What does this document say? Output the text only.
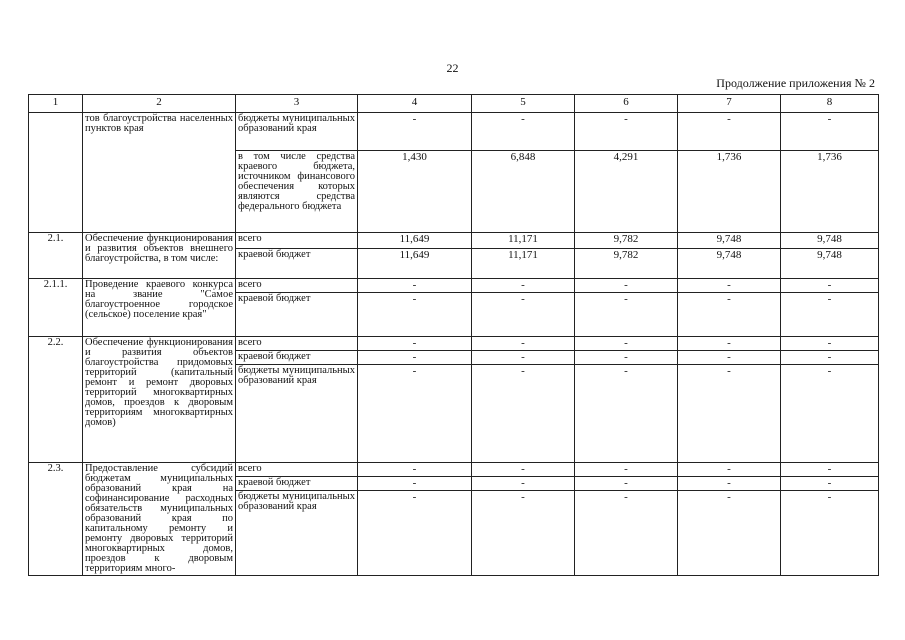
22
Продолжение приложения № 2
1	2	3	4	5	6	7	8
	тов благоустройства населенных пунктов края	бюджеты муниципальных образований края	-	-	-	-	-
		в том числе средства краевого бюджета, источником финансового обеспечения которых являются средства федерального бюджета	1,430	6,848	4,291	1,736	1,736
2.1.	Обеспечение функционирования и развития объектов внешнего благоустройства, в том числе:	всего	11,649	11,171	9,782	9,748	9,748
		краевой бюджет	11,649	11,171	9,782	9,748	9,748
2.1.1.	Проведение краевого конкурса на звание "Самое благоустроенное городское (сельское) поселение края"	всего	-	-	-	-	-
		краевой бюджет	-	-	-	-	-
2.2.	Обеспечение функционирования и развития объектов благоустройства придомовых территорий (капитальный ремонт и ремонт дворовых территорий многоквартирных домов, проездов к дворовым территориям многоквартирных домов)	всего	-	-	-	-	-
		краевой бюджет	-	-	-	-	-
		бюджеты муниципальных образований края	-	-	-	-	-
2.3.	Предоставление субсидий бюджетам муниципальных образований края на софинансирование расходных обязательств муниципальных образований края по капитальному ремонту и ремонту дворовых территорий многоквартирных домов, проездов к дворовым территориям много-	всего	-	-	-	-	-
		краевой бюджет	-	-	-	-	-
		бюджеты муниципальных образований края	-	-	-	-	-
